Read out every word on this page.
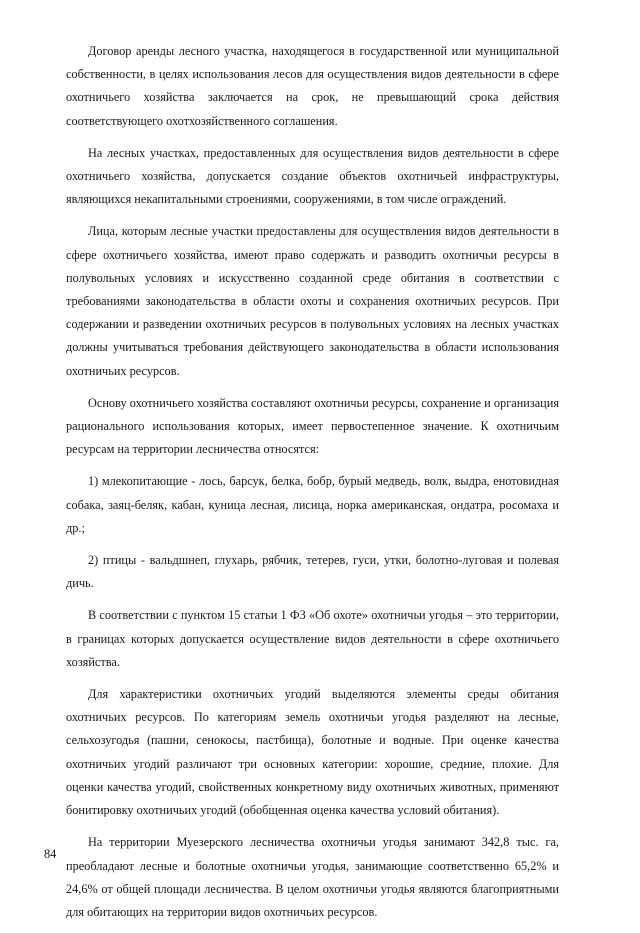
Договор аренды лесного участка, находящегося в государственной или муниципальной собственности, в целях использования лесов для осуществления видов деятельности в сфере охотничьего хозяйства заключается на срок, не превышающий срока действия соответствующего охотхозяйственного соглашения.

На лесных участках, предоставленных для осуществления видов деятельности в сфере охотничьего хозяйства, допускается создание объектов охотничьей инфраструктуры, являющихся некапитальными строениями, сооружениями, в том числе ограждений.

Лица, которым лесные участки предоставлены для осуществления видов деятельности в сфере охотничьего хозяйства, имеют право содержать и разводить охотничьи ресурсы в полувольных условиях и искусственно созданной среде обитания в соответствии с требованиями законодательства в области охоты и сохранения охотничьих ресурсов. При содержании и разведении охотничьих ресурсов в полувольных условиях на лесных участках должны учитываться требования действующего законодательства в области использования охотничьих ресурсов.

Основу охотничьего хозяйства составляют охотничьи ресурсы, сохранение и организация рационального использования которых, имеет первостепенное значение. К охотничьим ресурсам на территории лесничества относятся:

1) млекопитающие - лось, барсук, белка, бобр, бурый медведь, волк, выдра, енотовидная собака, заяц-беляк, кабан, куница лесная, лисица, норка американская, ондатра, росомаха и др.;

2) птицы - вальдшнеп, глухарь, рябчик, тетерев, гуси, утки, болотно-луговая и полевая дичь.

В соответствии с пунктом 15 статьи 1 ФЗ «Об охоте» охотничьи угодья – это территории, в границах которых допускается осуществление видов деятельности в сфере охотничьего хозяйства.

Для характеристики охотничьих угодий выделяются элементы среды обитания охотничьих ресурсов. По категориям земель охотничьи угодья разделяют на лесные, сельхозугодья (пашни, сенокосы, пастбища), болотные и водные. При оценке качества охотничьих угодий различают три основных категории: хорошие, средние, плохие. Для оценки качества угодий, свойственных конкретному виду охотничьих животных, применяют бонитировку охотничьих угодий (обобщенная оценка качества условий обитания).

На территории Муезерского лесничества охотничьи угодья занимают 342,8 тыс. га, преобладают лесные и болотные охотничьи угодья, занимающие соответственно 65,2% и 24,6% от общей площади лесничества. В целом охотничьи угодья являются благоприятными для обитающих на территории видов охотничьих ресурсов.

84
